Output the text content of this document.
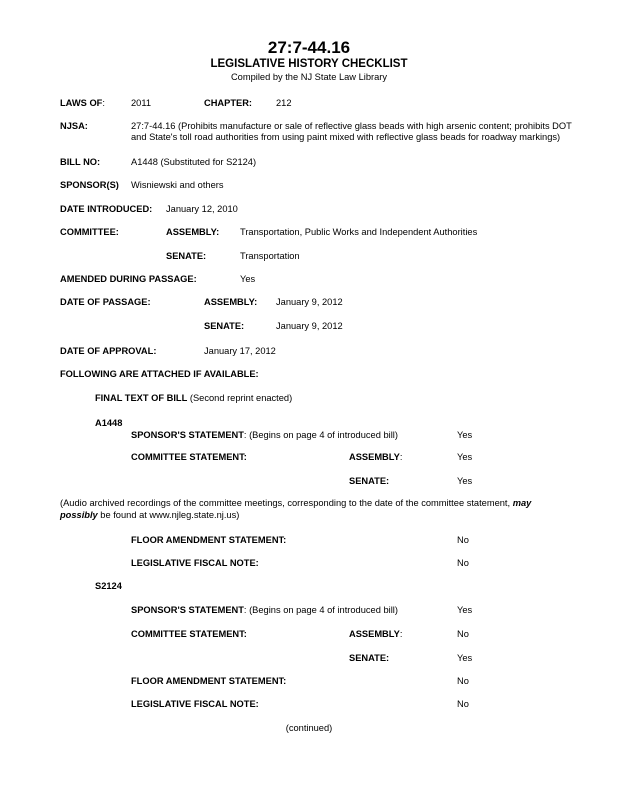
27:7-44.16
LEGISLATIVE HISTORY CHECKLIST
Compiled by the NJ State Law Library
LAWS OF:	2011	CHAPTER:	212
NJSA:	27:7-44.16 (Prohibits manufacture or sale of reflective glass beads with high arsenic content; prohibits DOT
and State's toll road authorities from using paint mixed with reflective glass beads for roadway markings)
BILL NO:	A1448 (Substituted for S2124)
SPONSOR(S) Wisniewski and others
DATE INTRODUCED: January 12, 2010
COMMITTEE:	ASSEMBLY: Transportation, Public Works and Independent Authorities
SENATE:	Transportation
AMENDED DURING PASSAGE:	Yes
DATE OF PASSAGE:	ASSEMBLY: January 9, 2012
SENATE:	January 9, 2012
DATE OF APPROVAL:	January 17, 2012
FOLLOWING ARE ATTACHED IF AVAILABLE:
FINAL TEXT OF BILL (Second reprint enacted)
A1448
SPONSOR'S STATEMENT: (Begins on page 4 of introduced bill)	Yes
COMMITTEE STATEMENT:	ASSEMBLY:	Yes
SENATE:	Yes
(Audio archived recordings of the committee meetings, corresponding to the date of the committee statement, may possibly be found at www.njleg.state.nj.us)
FLOOR AMENDMENT STATEMENT:	No
LEGISLATIVE FISCAL NOTE:	No
S2124
SPONSOR'S STATEMENT: (Begins on page 4 of introduced bill)	Yes
COMMITTEE STATEMENT:	ASSEMBLY:	No
SENATE:	Yes
FLOOR AMENDMENT STATEMENT:	No
LEGISLATIVE FISCAL NOTE:	No
(continued)
